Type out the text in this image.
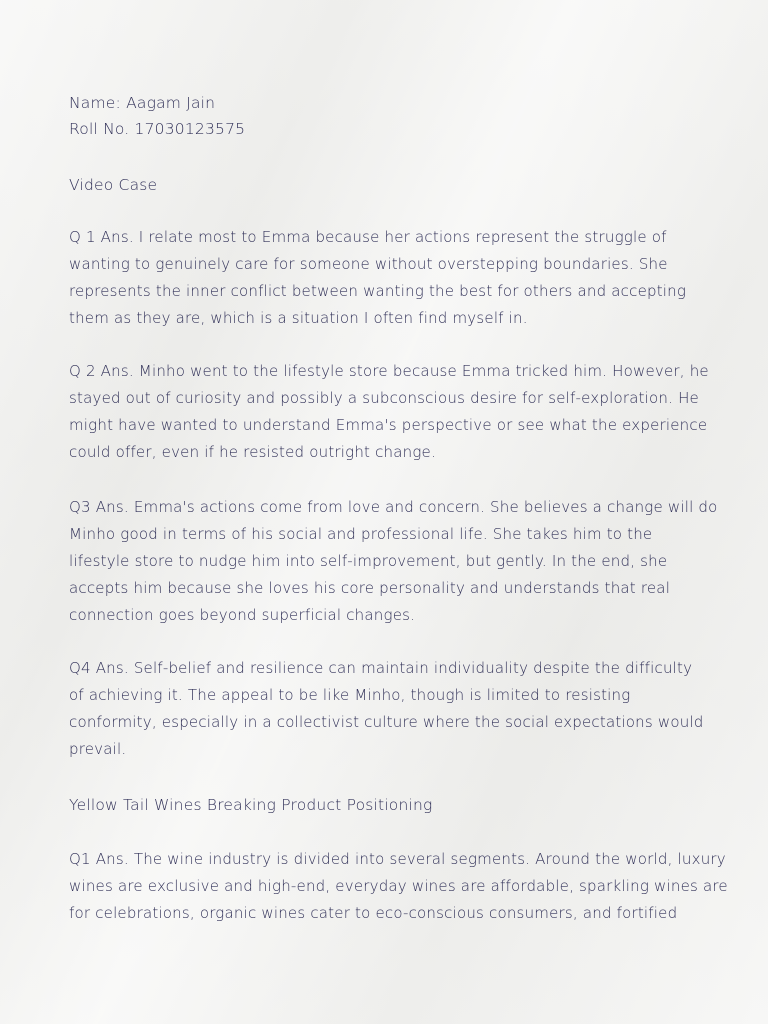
Name: Aagam Jain
Roll No. 17030123575
Video Case
Q 1 Ans. I relate most to Emma because her actions represent the struggle of
wanting to genuinely care for someone without overstepping boundaries. She
represents the inner conflict between wanting the best for others and accepting
them as they are, which is a situation I often find myself in.
Q 2 Ans. Minho went to the lifestyle store because Emma tricked him. However, he
stayed out of curiosity and possibly a subconscious desire for self-exploration. He
might have wanted to understand Emma's perspective or see what the experience
could offer, even if he resisted outright change.
Q3 Ans. Emma's actions come from love and concern. She believes a change will do
Minho good in terms of his social and professional life. She takes him to the
lifestyle store to nudge him into self-improvement, but gently. In the end, she
accepts him because she loves his core personality and understands that real
connection goes beyond superficial changes.
Q4 Ans. Self-belief and resilience can maintain individuality despite the difficulty
of achieving it. The appeal to be like Minho, though is limited to resisting
conformity, especially in a collectivist culture where the social expectations would
prevail.
Yellow Tail Wines Breaking Product Positioning
Q1 Ans. The wine industry is divided into several segments. Around the world, luxury
wines are exclusive and high-end, everyday wines are affordable, sparkling wines are
for celebrations, organic wines cater to eco-conscious consumers, and fortified
